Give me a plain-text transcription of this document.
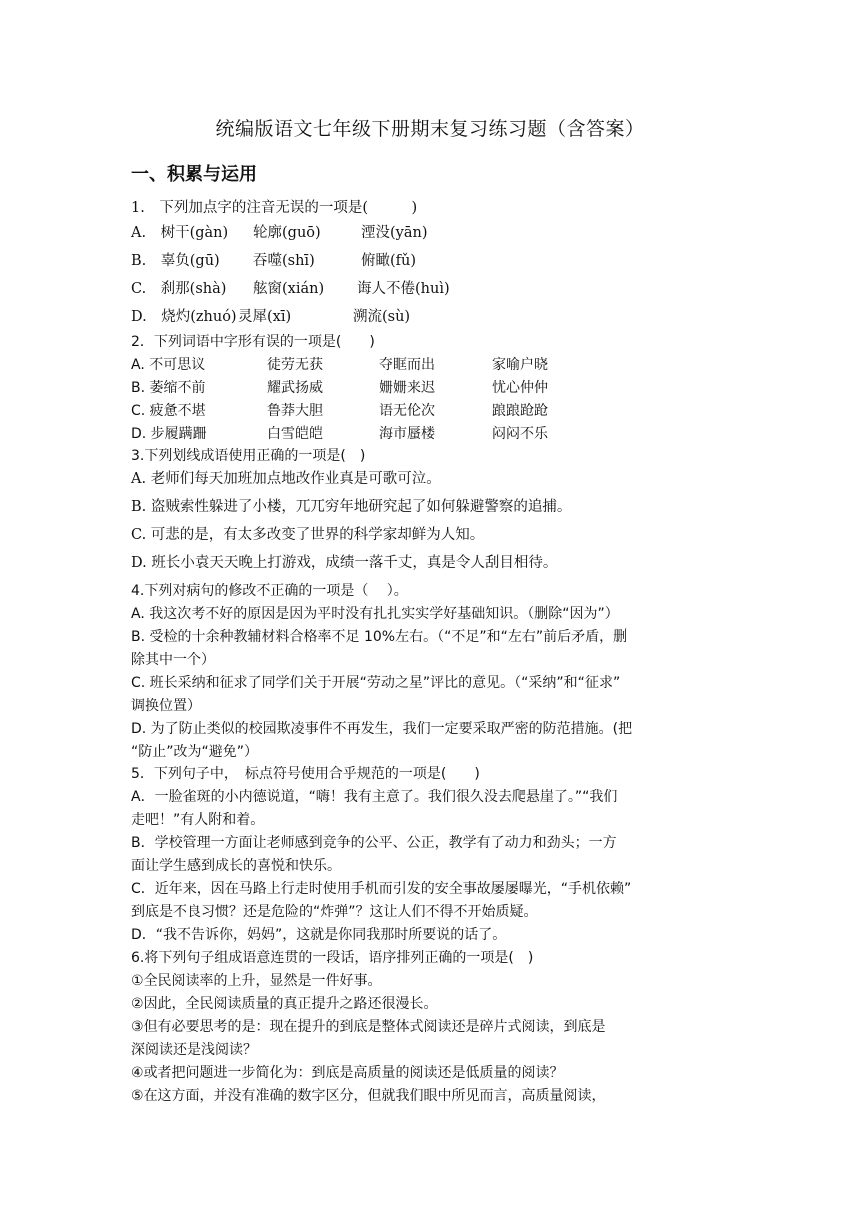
统编版语文七年级下册期末复习练习题（含答案）
一、积累与运用
1.　下列加点字的注音无误的一项是(　　　)
A.　树干(gàn) 轮廓(guō)	湮没(yān)
B.　辜负(gū) 吞噬(shī)	俯瞰(fǔ)
C.　刹那(shà) 舷窗(xián) 诲人不倦(huì)
D.　烧灼(zhuó) 灵犀(xī)	溯流(sù)
2．下列词语中字形有误的一项是(　　)
A. 不可思议	徒劳无获	夺眶而出	家喻户晓
B. 萎缩不前	耀武扬威	姗姗来迟	忧心仲仲
C. 疲惫不堪	鲁莽大胆	语无伦次	踉踉跄跄
D. 步履蹒跚	白雪皑皑	海市蜃楼	闷闷不乐
3.下列划线成语使用正确的一项是(　)
A. 老师们每天加班加点地改作业真是可歌可泣。
B. 盗贼索性躲进了小楼，兀兀穷年地研究起了如何躲避警察的追捕。
C. 可悲的是，有太多改变了世界的科学家却鲜为人知。
D. 班长小袁天天晚上打游戏，成绩一落千丈，真是令人刮目相待。
4.下列对病句的修改不正确的一项是（　 ）。
A. 我这次考不好的原因是因为平时没有扎扎实实学好基础知识。（删除“因为”）
B. 受检的十余种教辅材料合格率不足 10%左右。（“不足”和“左右”前后矛盾，删
除其中一个）
C. 班长采纳和征求了同学们关于开展“劳动之星”评比的意见。（“采纳”和“征求”
调换位置）
D. 为了防止类似的校园欺凌事件不再发生，我们一定要采取严密的防范措施。(把
“防止”改为“避免”）
5．下列句子中，　标点符号使用合乎规范的一项是(　　)
A．一脸雀斑的小内德说道，“嗨！我有主意了。我们很久没去爬悬崖了。”“我们
走吧！”有人附和着。
B．学校管理一方面让老师感到竞争的公平、公正，教学有了动力和劲头；一方
面让学生感到成长的喜悦和快乐。
C．近年来，因在马路上行走时使用手机而引发的安全事故屡屡曝光，“手机依赖”
到底是不良习惯？还是危险的“炸弹”？这让人们不得不开始质疑。
D．“我不告诉你，妈妈”，这就是你同我那时所要说的话了。
6.将下列句子组成语意连贯的一段话，语序排列正确的一项是(　)
①全民阅读率的上升，显然是一件好事。
②因此，全民阅读质量的真正提升之路还很漫长。
③但有必要思考的是：现在提升的到底是整体式阅读还是碎片式阅读，到底是
深阅读还是浅阅读？
④或者把问题进一步简化为：到底是高质量的阅读还是低质量的阅读？
⑤在这方面，并没有准确的数字区分，但就我们眼中所见而言，高质量阅读，
